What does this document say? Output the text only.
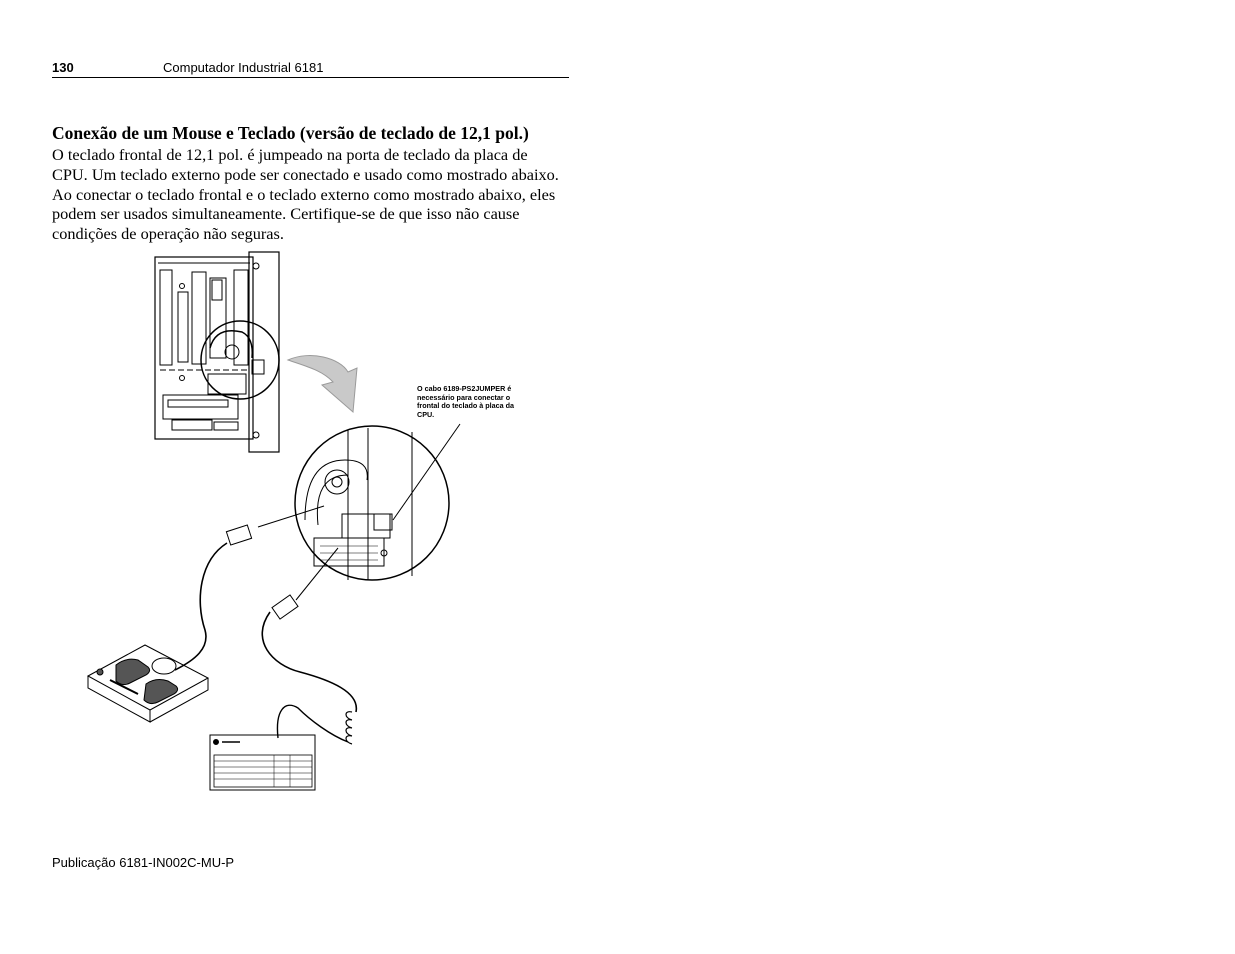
130	Computador Industrial 6181
Conexão de um Mouse e Teclado (versão de teclado de 12,1 pol.)
O teclado frontal de 12,1 pol. é jumpeado na porta de teclado da placa de CPU. Um teclado externo pode ser conectado e usado como mostrado abaixo. Ao conectar o teclado frontal e o teclado externo como mostrado abaixo, eles podem ser usados simultaneamente. Certifique-se de que isso não cause condições de operação não seguras.
O cabo 6189-PS2JUMPER é necessário para conectar o frontal do teclado à placa da CPU.
Publicação 6181-IN002C-MU-P
